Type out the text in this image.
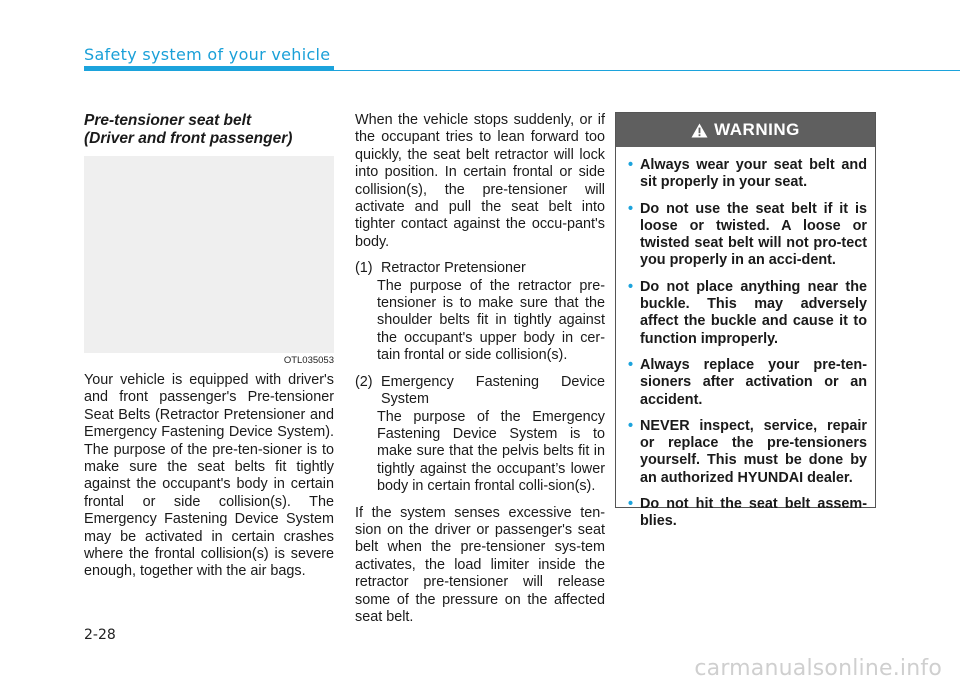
Safety system of your vehicle
Pre-tensioner seat belt
(Driver and front passenger)
OTL035053

Your vehicle is equipped with driver's and front passenger's Pre-tensioner Seat Belts (Retractor Pretensioner and Emergency Fastening Device System). The purpose of the pre-ten-sioner is to make sure the seat belts fit tightly against the occupant's body in certain frontal or side collision(s). The Emergency Fastening Device System may be activated in certain crashes where the frontal collision(s) is severe enough, together with the air bags.

When the vehicle stops suddenly, or if the occupant tries to lean forward too quickly, the seat belt retractor will lock into position. In certain frontal or side collision(s), the pre-tensioner will activate and pull the seat belt into tighter contact against the occu-pant's body.

(1) Retractor Pretensioner

The purpose of the retractor pre-tensioner is to make sure that the shoulder belts fit in tightly against the occupant's upper body in cer-tain frontal or side collision(s).

(2) Emergency Fastening Device System

The purpose of the Emergency Fastening Device System is to make sure that the pelvis belts fit in tightly against the occupant’s lower body in certain frontal colli-sion(s).

If the system senses excessive ten-sion on the driver or passenger's seat belt when the pre-tensioner sys-tem activates, the load limiter inside the retractor pre-tensioner will release some of the pressure on the affected seat belt.

WARNING
• Always wear your seat belt and sit properly in your seat.
• Do not use the seat belt if it is loose or twisted. A loose or twisted seat belt will not pro-tect you properly in an acci-dent.
• Do not place anything near the buckle. This may adversely affect the buckle and cause it to function improperly.
• Always replace your pre-ten-sioners after activation or an accident.
• NEVER inspect, service, repair or replace the pre-tensioners yourself. This must be done by an authorized HYUNDAI dealer.
• Do not hit the seat belt assem-blies.
2-28
carmanualsonline.info
